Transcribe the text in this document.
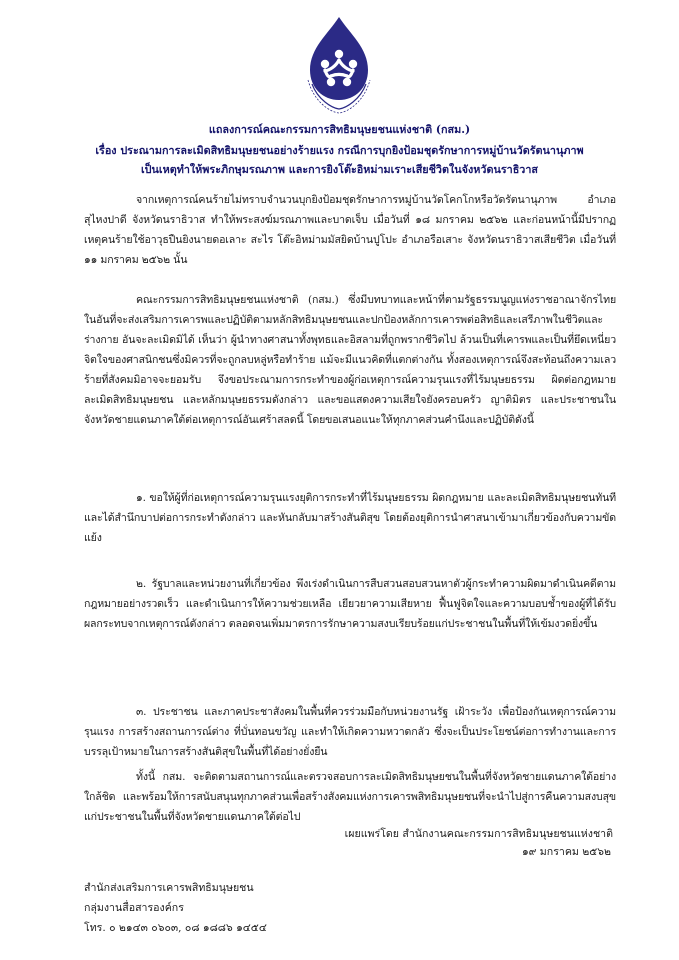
แถลงการณ์คณะกรรมการสิทธิมนุษยชนแห่งชาติ (กสม.)
เรื่อง ประณามการละเมิดสิทธิมนุษยชนอย่างร้ายแรง กรณีการบุกยิงป้อมชุดรักษาการหมู่บ้านวัดรัตนานุภาพ
เป็นเหตุทำให้พระภิกษุมรณภาพ และการยิงโต๊ะอิหม่ามเราะเสียชีวิตในจังหวัดนราธิวาส
จากเหตุการณ์คนร้ายไม่ทราบจำนวนบุกยิงป้อมชุดรักษาการหมู่บ้านวัดโคกโกหรือวัดรัตนานุภาพ อำเภอสุไหงปาดี จังหวัดนราธิวาส ทำให้พระสงฆ์มรณภาพและบาดเจ็บ เมื่อวันที่ ๑๘ มกราคม ๒๕๖๒ และก่อนหน้านี้มีปรากฏเหตุคนร้ายใช้อาวุธปืนยิงนายดอเลาะ สะไร โต๊ะอิหม่ามมัสยิดบ้านปูโปะ อำเภอรือเสาะ จังหวัดนราธิวาสเสียชีวิต เมื่อวันที่ ๑๑ มกราคม ๒๕๖๒ นั้น
คณะกรรมการสิทธิมนุษยชนแห่งชาติ (กสม.) ซึ่งมีบทบาทและหน้าที่ตามรัฐธรรมนูญแห่งราชอาณาจักรไทย ในอันที่จะส่งเสริมการเคารพและปฏิบัติตามหลักสิทธิมนุษยชนและปกป้องหลักการเคารพต่อสิทธิและเสรีภาพในชีวิตและร่างกาย อันจะละเมิดมิได้ เห็นว่า ผู้นำทางศาสนาทั้งพุทธและอิสลามที่ถูกพรากชีวิตไป ล้วนเป็นที่เคารพและเป็นที่ยึดเหนี่ยวจิตใจของศาสนิกชนซึ่งมิควรที่จะถูกลบหลู่หรือทำร้าย แม้จะมีแนวคิดที่แตกต่างกัน ทั้งสองเหตุการณ์จึงสะท้อนถึงความเลวร้ายที่สังคมมิอาจจะยอมรับ จึงขอประณามการกระทำของผู้ก่อเหตุการณ์ความรุนแรงที่ไร้มนุษยธรรม ผิดต่อกฎหมาย ละเมิดสิทธิมนุษยชน และหลักมนุษยธรรมดังกล่าว และขอแสดงความเสียใจยังครอบครัว ญาติมิตร และประชาชนในจังหวัดชายแดนภาคใต้ต่อเหตุการณ์อันเศร้าสลดนี้ โดยขอเสนอแนะให้ทุกภาคส่วนคำนึงและปฏิบัติดังนี้
๑. ขอให้ผู้ที่ก่อเหตุการณ์ความรุนแรงยุติการกระทำที่ไร้มนุษยธรรม ผิดกฎหมาย และละเมิดสิทธิมนุษยชนทันที และได้สำนึกบาปต่อการกระทำดังกล่าว และหันกลับมาสร้างสันติสุข โดยต้องยุติการนำศาสนาเข้ามาเกี่ยวข้องกับความขัดแย้ง
๒. รัฐบาลและหน่วยงานที่เกี่ยวข้อง พึงเร่งดำเนินการสืบสวนสอบสวนหาตัวผู้กระทำความผิดมาดำเนินคดีตามกฎหมายอย่างรวดเร็ว และดำเนินการให้ความช่วยเหลือ เยียวยาความเสียหาย ฟื้นฟูจิตใจและความบอบช้ำของผู้ที่ได้รับผลกระทบจากเหตุการณ์ดังกล่าว ตลอดจนเพิ่มมาตรการรักษาความสงบเรียบร้อยแก่ประชาชนในพื้นที่ให้เข้มงวดยิ่งขึ้น
๓. ประชาชน และภาคประชาสังคมในพื้นที่ควรร่วมมือกับหน่วยงานรัฐ เฝ้าระวัง เพื่อป้องกันเหตุการณ์ความรุนแรง การสร้างสถานการณ์ต่าง ที่บั่นทอนขวัญ และทำให้เกิดความหวาดกลัว ซึ่งจะเป็นประโยชน์ต่อการทำงานและการบรรลุเป้าหมายในการสร้างสันติสุขในพื้นที่ได้อย่างยั่งยืน
ทั้งนี้ กสม. จะติดตามสถานการณ์และตรวจสอบการละเมิดสิทธิมนุษยชนในพื้นที่จังหวัดชายแดนภาคใต้อย่างใกล้ชิด และพร้อมให้การสนับสนุนทุกภาคส่วนเพื่อสร้างสังคมแห่งการเคารพสิทธิมนุษยชนที่จะนำไปสู่การคืนความสงบสุขแก่ประชาชนในพื้นที่จังหวัดชายแดนภาคใต้ต่อไป
เผยแพร่โดย สำนักงานคณะกรรมการสิทธิมนุษยชนแห่งชาติ
๑๙ มกราคม ๒๕๖๒
สำนักส่งเสริมการเคารพสิทธิมนุษยชน
กลุ่มงานสื่อสารองค์กร
โทร. ๐ ๒๑๔๓ ๐๖๐๓, ๐๘ ๑๘๘๖ ๑๔๕๔
